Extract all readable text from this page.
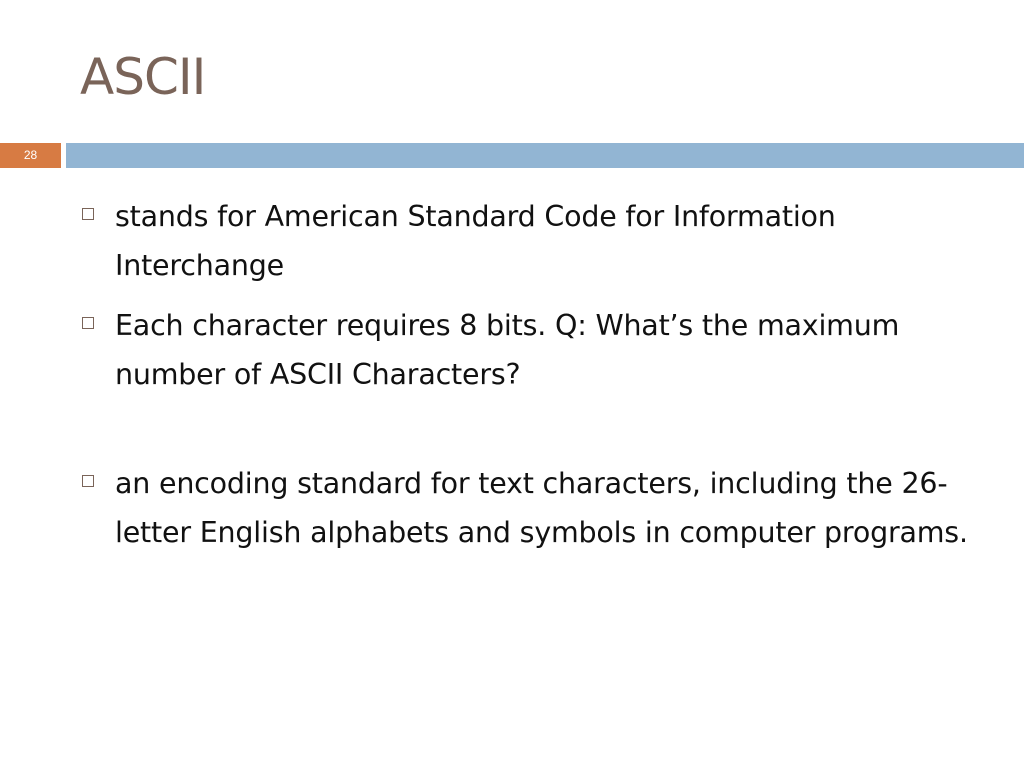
ASCII
28
stands for American Standard Code for Information Interchange
Each character requires 8 bits. Q: What’s the maximum number of ASCII Characters?
an encoding standard for text characters, including the 26-letter English alphabets and symbols in computer programs.
